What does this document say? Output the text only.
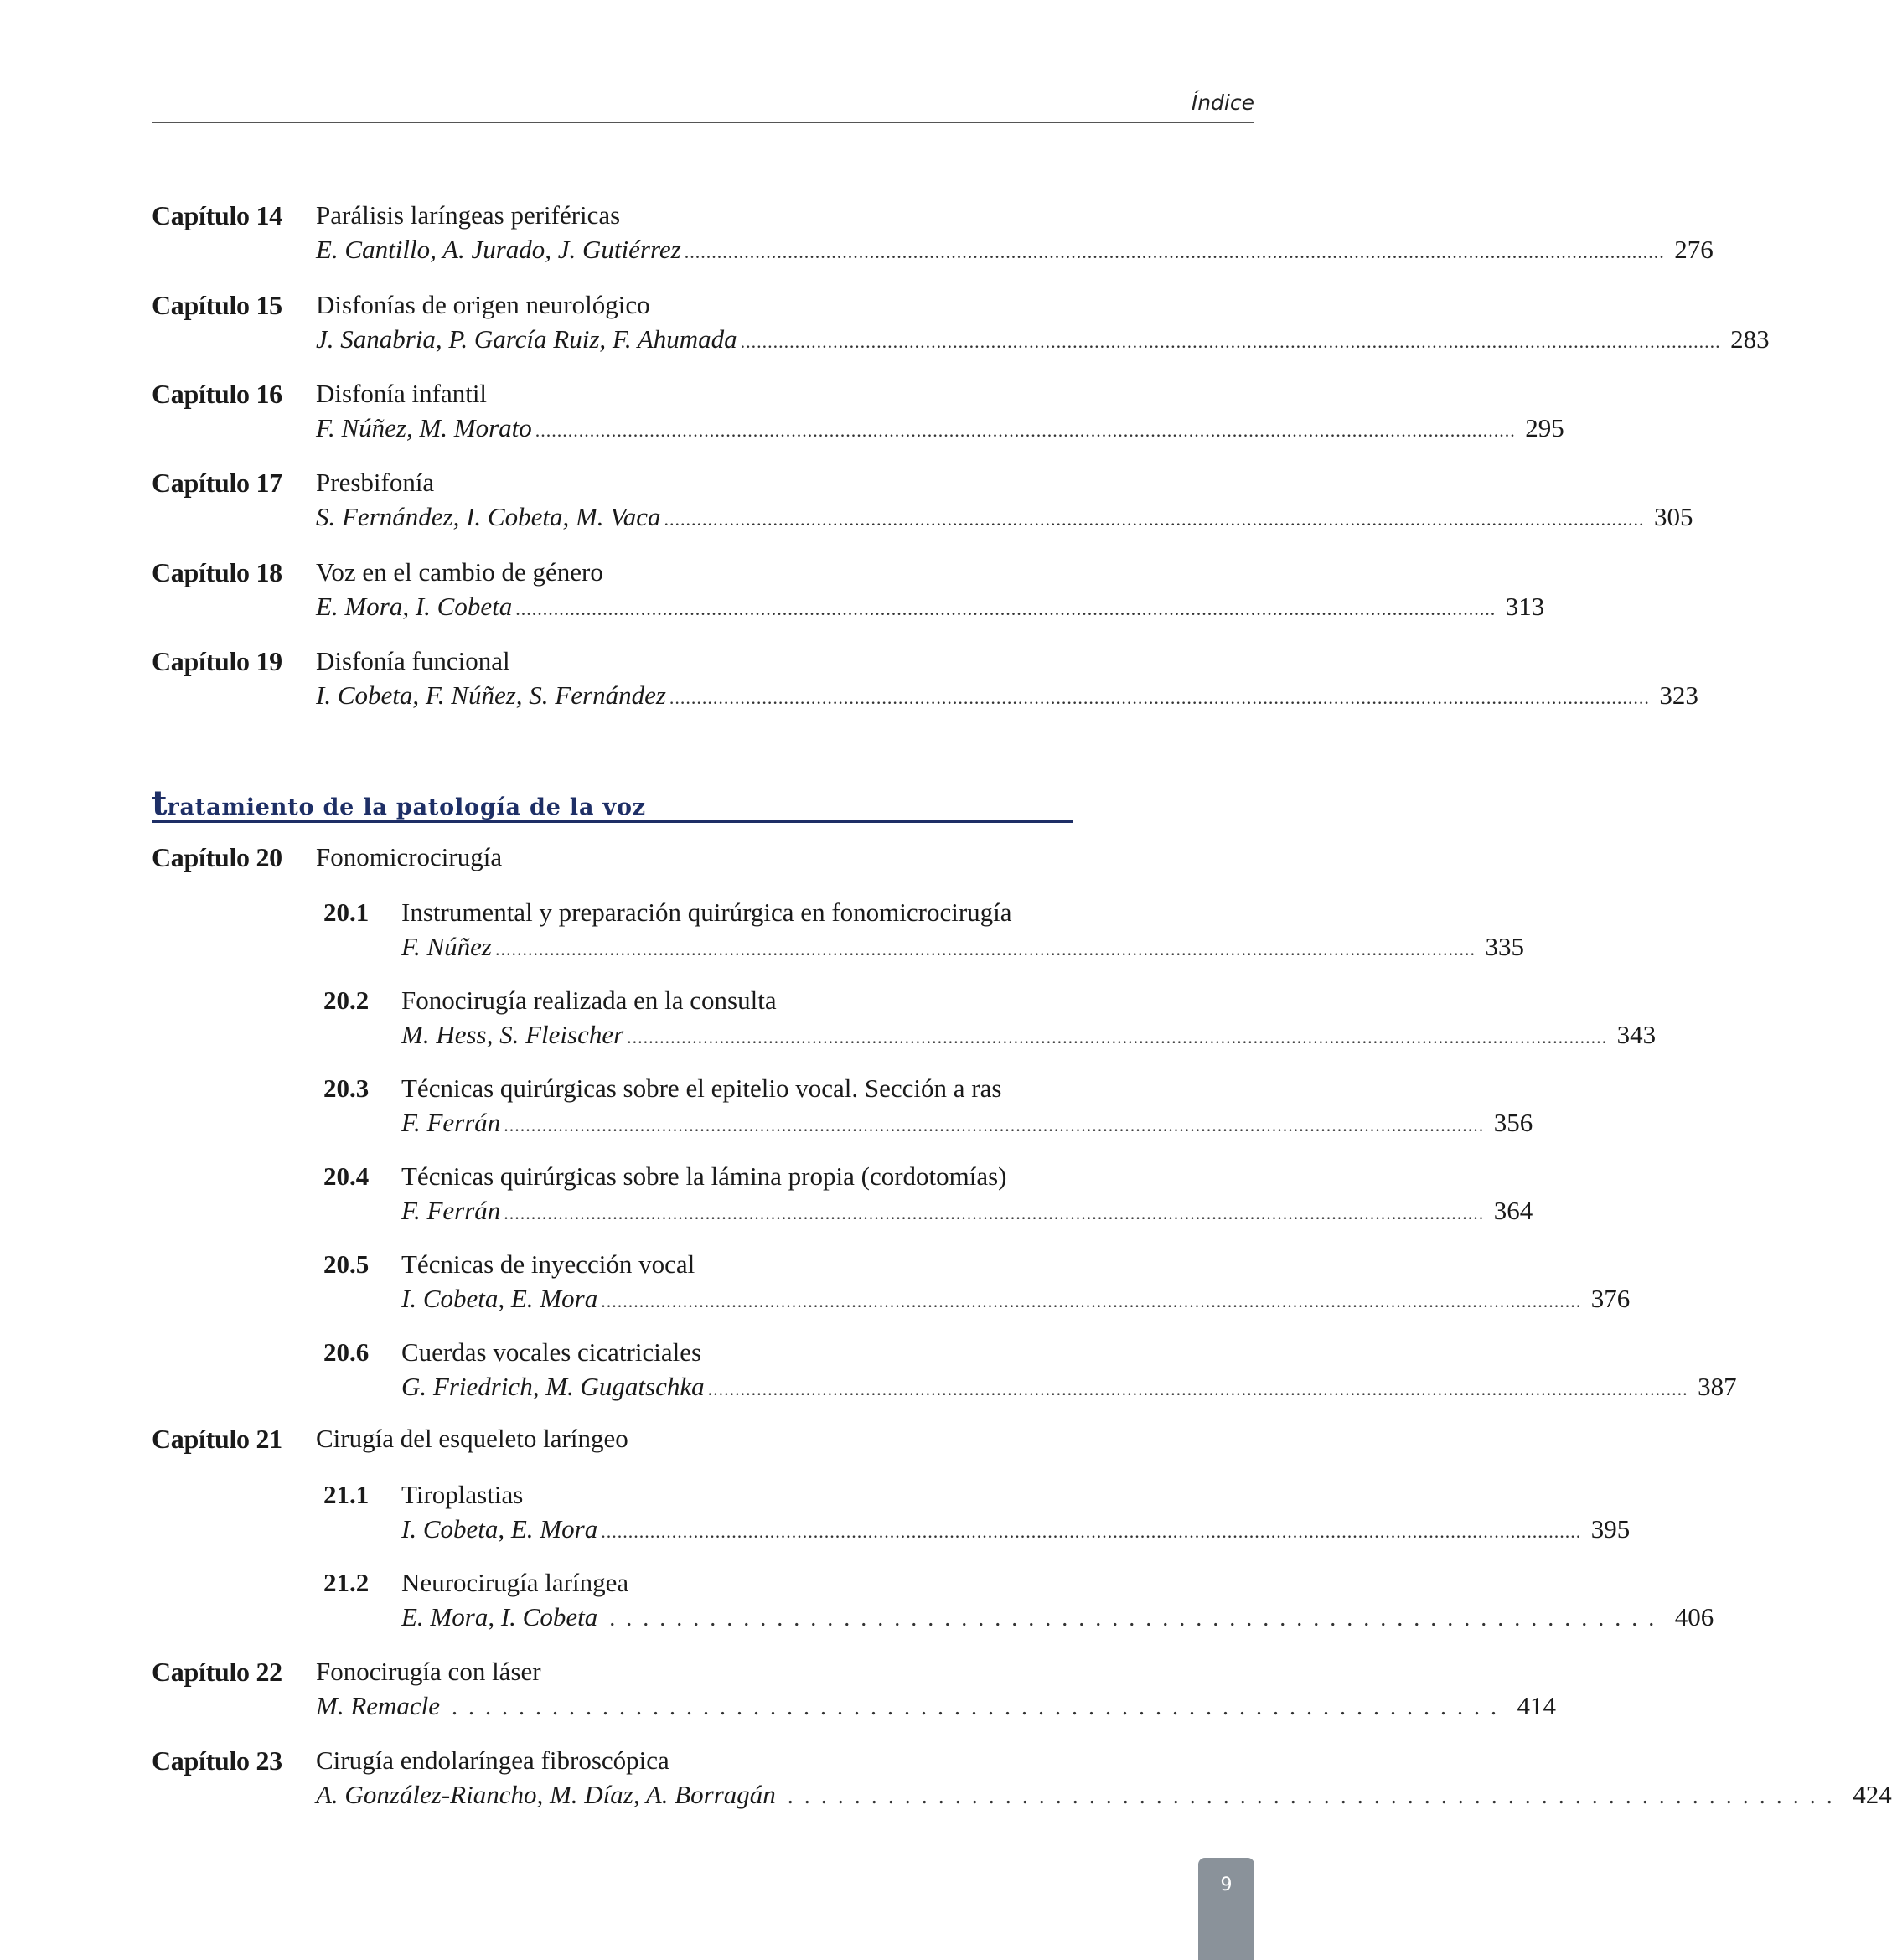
Índice
Capítulo 14 Parálisis laríngeas periféricas
E. Cantillo, A. Jurado, J. Gutiérrez .................................................................................................................................................................................... 276
Capítulo 15 Disfonías de origen neurológico
J. Sanabria, P. García Ruiz, F. Ahumada .................................................................................................................................................................................... 283
Capítulo 16 Disfonía infantil
F. Núñez, M. Morato .................................................................................................................................................................................... 295
Capítulo 17 Presbifonía
S. Fernández, I. Cobeta, M. Vaca .................................................................................................................................................................................... 305
Capítulo 18 Voz en el cambio de género
E. Mora, I. Cobeta .................................................................................................................................................................................... 313
Capítulo 19 Disfonía funcional
I. Cobeta, F. Núñez, S. Fernández .................................................................................................................................................................................... 323
tratamiento de la patología de la voz
Capítulo 20 Fonomicrocirugía
20.1 Instrumental y preparación quirúrgica en fonomicrocirugía
F. Núñez .................................................................................................................................................................................... 335
20.2 Fonocirugía realizada en la consulta
M. Hess, S. Fleischer .................................................................................................................................................................................... 343
20.3 Técnicas quirúrgicas sobre el epitelio vocal. Sección a ras
F. Ferrán .................................................................................................................................................................................... 356
20.4 Técnicas quirúrgicas sobre la lámina propia (cordotomías)
F. Ferrán .................................................................................................................................................................................... 364
20.5 Técnicas de inyección vocal
I. Cobeta, E. Mora .................................................................................................................................................................................... 376
20.6 Cuerdas vocales cicatriciales
G. Friedrich, M. Gugatschka .................................................................................................................................................................................... 387
Capítulo 21 Cirugía del esqueleto laríngeo
21.1 Tiroplastias
I. Cobeta, E. Mora .................................................................................................................................................................................... 395
21.2 Neurocirugía laríngea
E. Mora, I. Cobeta . . . . . . . . . . . . . . . . . . . . . . . . . . . . . . . . . . . . . . . . . . . . . . . . . . . . . . . . . . . . . . . 406
Capítulo 22 Fonocirugía con láser
M. Remacle . . . . . . . . . . . . . . . . . . . . . . . . . . . . . . . . . . . . . . . . . . . . . . . . . . . . . . . . . . . . . . . 414
Capítulo 23 Cirugía endolaríngea fibroscópica
A. González-Riancho, M. Díaz, A. Borragán . . . . . . . . . . . . . . . . . . . . . . . . . . . . . . . . . . . . . . . . . . . . . . . . . . . . . . . . . . . . . . . 424
9
